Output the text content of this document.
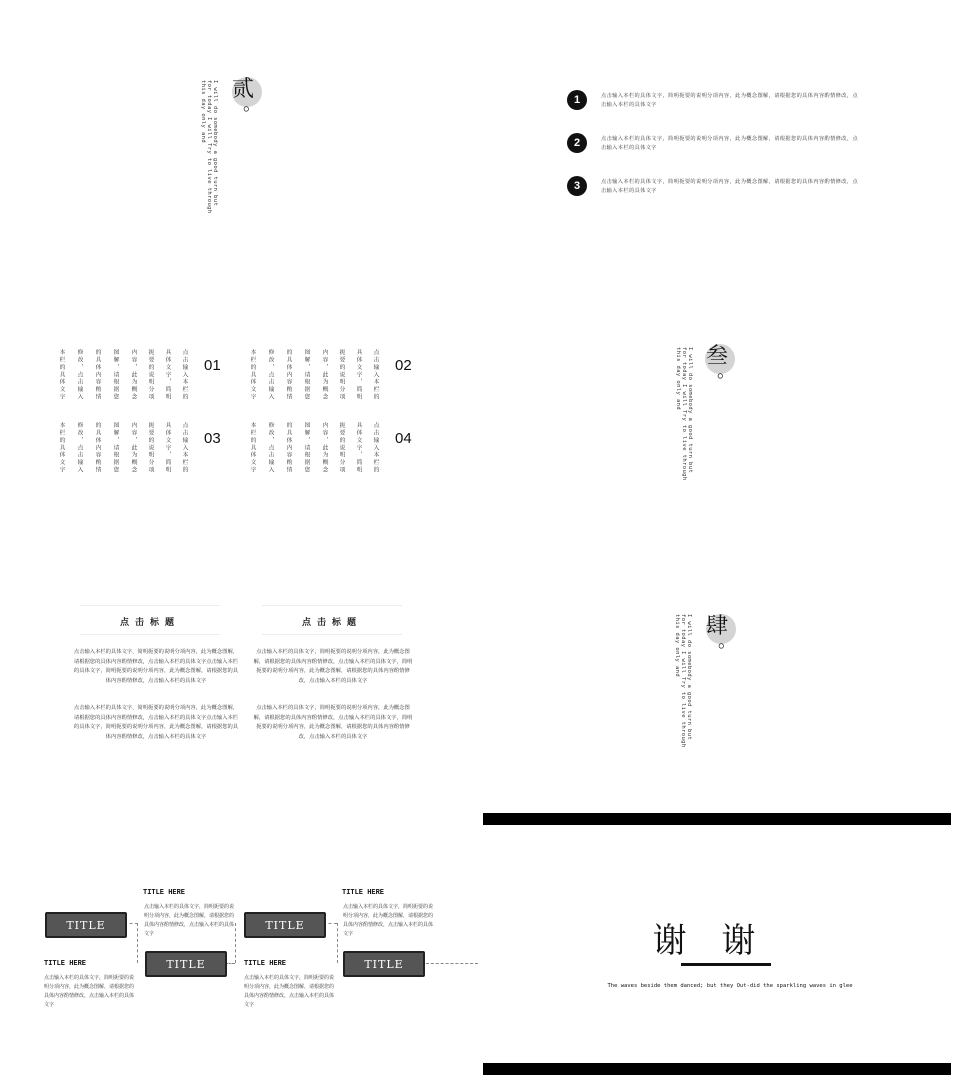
贰
。
I will do somebody a good turn but for today I will Try to live through this day only and	1	点击输入本栏的具体文字，简明扼要的说明分项内容，此为概念图解，请根据您的具体内容酌情修改，点击输入本栏的具体文字
2	点击输入本栏的具体文字，简明扼要的说明分项内容，此为概念图解，请根据您的具体内容酌情修改，点击输入本栏的具体文字
3	点击输入本栏的具体文字，简明扼要的说明分项内容，此为概念图解，请根据您的具体内容酌情修改，点击输入本栏的具体文字
点击输入本栏的
具体文字，简明
扼要的说明分项
内容，此为概念
图解，请根据您
的具体内容酌情
修改，点击输入
本栏的具体文字	01	点击输入本栏的
具体文字，简明
扼要的说明分项
内容，此为概念
图解，请根据您
的具体内容酌情
修改，点击输入
本栏的具体文字	02
点击输入本栏的
具体文字，简明
扼要的说明分项
内容，此为概念
图解，请根据您
的具体内容酌情
修改，点击输入
本栏的具体文字	03	点击输入本栏的
具体文字，简明
扼要的说明分项
内容，此为概念
图解，请根据您
的具体内容酌情
修改，点击输入
本栏的具体文字	04
叁
。
I will do somebody a good turn but for today I will Try to live through this day only and
点击标题
点击输入本栏的具体文字，简明扼要的说明分项内容，此为概念图解，请根据您的具体内容酌情修改，点击输入本栏的具体文字点击输入本栏的具体文字，简明扼要的说明分项内容，此为概念图解，请根据您的具体内容酌情修改，点击输入本栏的具体文字
点击输入本栏的具体文字，简明扼要的说明分项内容，此为概念图解，请根据您的具体内容酌情修改，点击输入本栏的具体文字点击输入本栏的具体文字，简明扼要的说明分项内容，此为概念图解，请根据您的具体内容酌情修改，点击输入本栏的具体文字
点击标题
点击输入本栏的具体文字，简明扼要的说明分项内容，此为概念图解，请根据您的具体内容酌情修改，点击输入本栏的具体文字，简明扼要的说明分项内容，此为概念图解，请根据您的具体内容酌情修改，点击输入本栏的具体文字
点击输入本栏的具体文字，简明扼要的说明分项内容，此为概念图解，请根据您的具体内容酌情修改，点击输入本栏的具体文字，简明扼要的说明分项内容，此为概念图解，请根据您的具体内容酌情修改，点击输入本栏的具体文字
肆
。
I will do somebody a good turn but for today I will Try to live through this day only and
TITLE
TITLE
TITLE
TITLE
TITLE HERE
点击输入本栏的具体文字，简明扼要的说明分项内容，此为概念图解，请根据您的具体内容酌情修改，点击输入本栏的具体文字
TITLE HERE
点击输入本栏的具体文字，简明扼要的说明分项内容，此为概念图解，请根据您的具体内容酌情修改，点击输入本栏的具体文字
TITLE HERE
点击输入本栏的具体文字，简明扼要的说明分项内容，此为概念图解，请根据您的具体内容酌情修改，点击输入本栏的具体文字
TITLE HERE
点击输入本栏的具体文字，简明扼要的说明分项内容，此为概念图解，请根据您的具体内容酌情修改，点击输入本栏的具体文字
谢 谢
The waves beside them danced; but they Out-did the sparkling waves in glee
